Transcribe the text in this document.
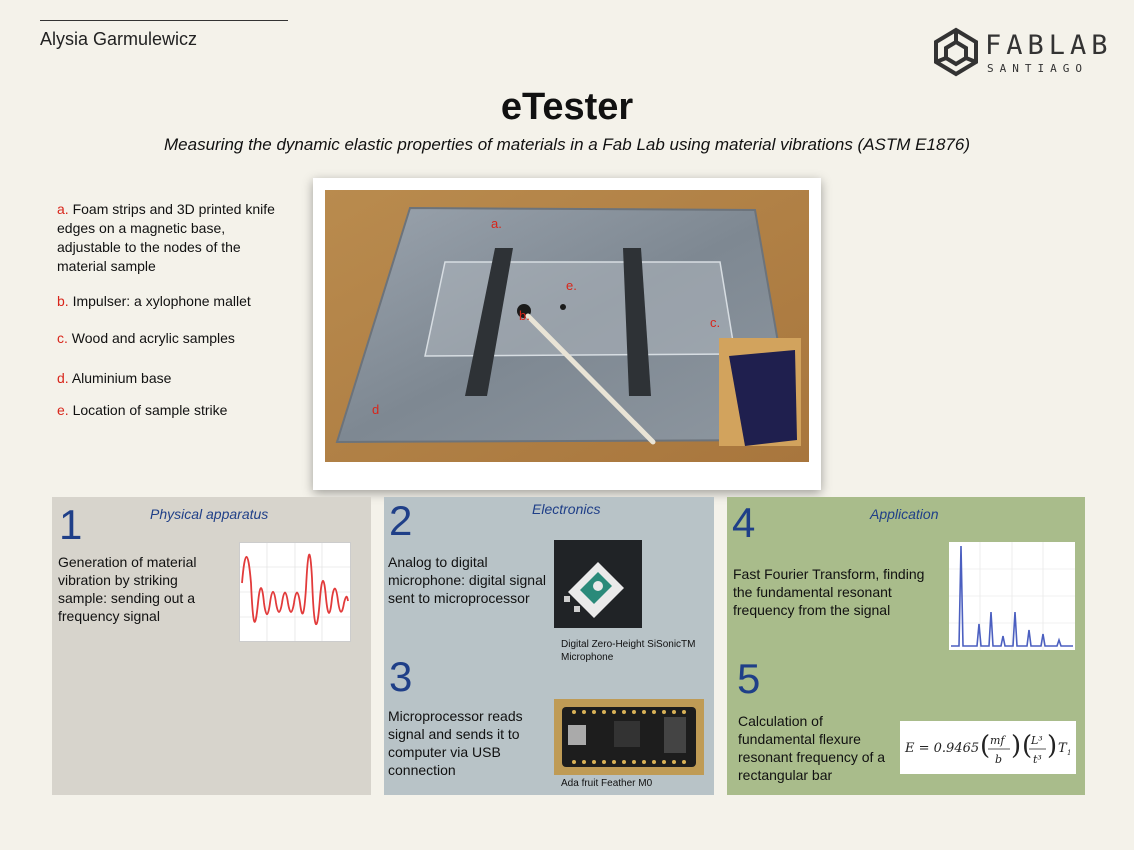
Alysia Garmulewicz	FABLAB
SANTIAGO
eTester
Measuring the dynamic elastic properties of materials in a Fab Lab using material vibrations (ASTM E1876)
a. Foam strips and 3D printed knife edges on a magnetic base, adjustable to the nodes of the material sample
b. Impulser: a xylophone mallet
c. Wood and acrylic samples
d. Aluminium base
e. Location of sample strike
a.
b.	c.
d
e.
1	Physical apparatus
Generation of material vibration by striking sample: sending out a frequency signal
2	Electronics
Analog to digital microphone: digital signal sent to microprocessor
Digital Zero-Height SiSonicTM Microphone
3
Microprocessor reads signal and sends it to computer via USB connection
Ada fruit Feather M0
4	Application
Fast Fourier Transform, finding the fundamental resonant frequency from the signal
5
Calculation of fundamental flexure resonant frequency of a rectangular bar
E = 0.9465 ( mf
b ) (
L³
t³ ) T 1
